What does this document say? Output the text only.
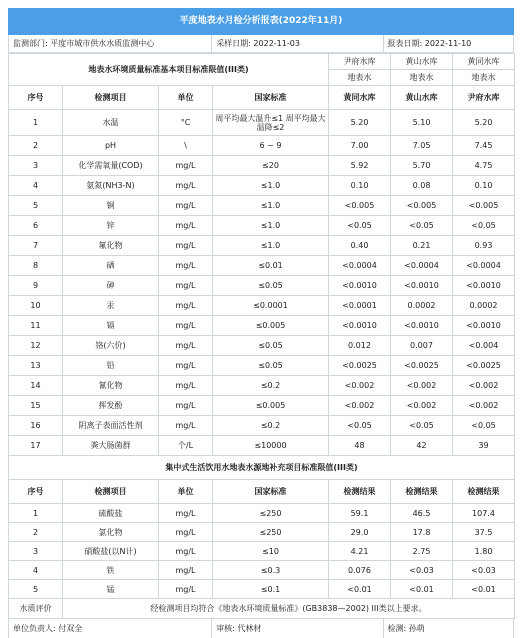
平度地表水月检分析报表(2022年11月)
监测部门: 平度市城市供水水质监测中心	采样日期: 2022-11-03	报表日期: 2022-11-10
地表水环境质量标准基本项目标准限值(III类)				尹府水库	黄山水库	黄同水库
				地表水	地表水	地表水
序号	检测项目	单位	国家标准	黄同水库	黄山水库	尹府水库
1	水温	°C	周平均最大温升≤1 周平均最大温降≤2	5.20	5.10	5.20
2	pH	\	6 ~ 9	7.00	7.05	7.45
3	化学需氧量(COD)	mg/L	≤20	5.92	5.70	4.75
4	氨氮(NH3-N)	mg/L	≤1.0	0.10	0.08	0.10
5	铜	mg/L	≤1.0	<0.005	<0.005	<0.005
6	锌	mg/L	≤1.0	<0.05	<0.05	<0.05
7	氟化物	mg/L	≤1.0	0.40	0.21	0.93
8	硒	mg/L	≤0.01	<0.0004	<0.0004	<0.0004
9	砷	mg/L	≤0.05	<0.0010	<0.0010	<0.0010
10	汞	mg/L	≤0.0001	<0.0001	0.0002	0.0002
11	镉	mg/L	≤0.005	<0.0010	<0.0010	<0.0010
12	铬(六价)	mg/L	≤0.05	0.012	0.007	<0.004
13	铅	mg/L	≤0.05	<0.0025	<0.0025	<0.0025
14	氰化物	mg/L	≤0.2	<0.002	<0.002	<0.002
15	挥发酚	mg/L	≤0.005	<0.002	<0.002	<0.002
16	阴离子表面活性剂	mg/L	≤0.2	<0.05	<0.05	<0.05
17	粪大肠菌群	个/L	≤10000	48	42	39
集中式生活饮用水地表水源地补充项目标准限值(III类)						
序号	检测项目	单位	国家标准	检测结果	检测结果	检测结果
1	硫酸盐	mg/L	≤250	59.1	46.5	107.4
2	氯化物	mg/L	≤250	29.0	17.8	37.5
3	硝酸盐(以N计)	mg/L	≤10	4.21	2.75	1.80
4	铁	mg/L	≤0.3	0.076	<0.03	<0.03
5	锰	mg/L	≤0.1	<0.01	<0.01	<0.01
水质评价	经检测项目均符合《地表水环境质量标准》(GB3838—2002) III类以上要求。					
单位负责人: 付双全	审核: 代林材	检测: 孙萌
